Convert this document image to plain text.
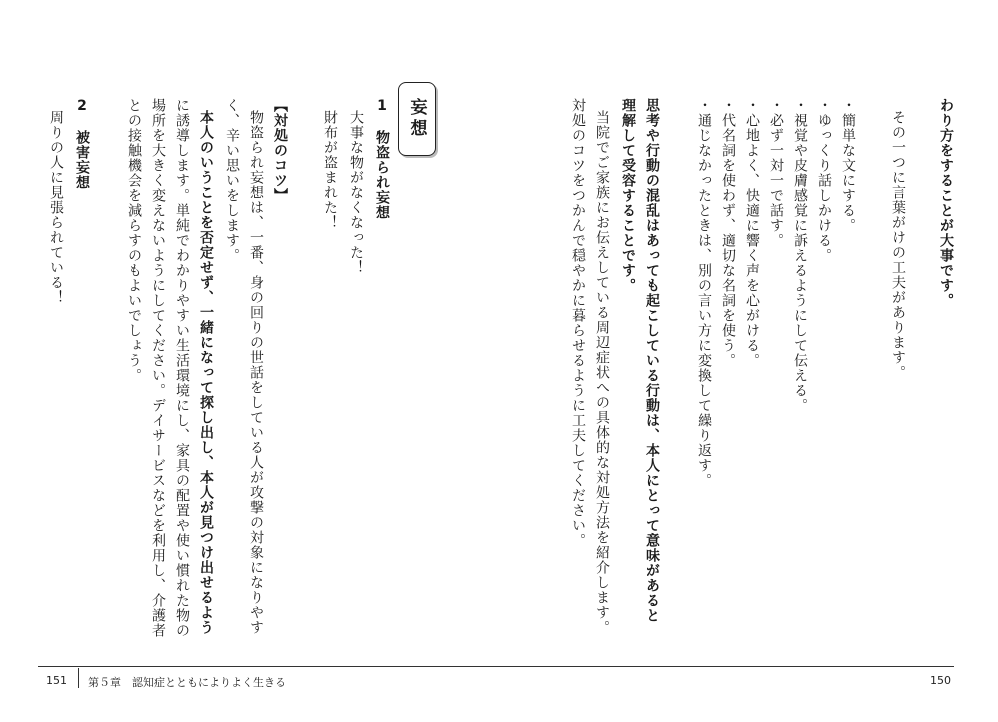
わり方をすることが大事です。

その一つに言葉がけの工夫があります。

・簡単な文にする。

・ゆっくり話しかける。

・視覚や皮膚感覚に訴えるようにして伝える。

・必ず一対一で話す。

・心地よく、快適に響く声を心がける。

・代名詞を使わず、適切な名詞を使う。

・通じなかったときは、別の言い方に変換して繰り返す。

思考や行動の混乱はあっても起こしている行動は、本人にとって意味があると

理解して受容することです。

当院でご家族にお伝えしている周辺症状への具体的な対処方法を紹介します。

対処のコツをつかんで穏やかに暮らせるように工夫してください。

妄想

1　物盗られ妄想

大事な物がなくなった！

財布が盗まれた！

【対処のコツ】

物盗られ妄想は、一番、身の回りの世話をしている人が攻撃の対象になりやす

く、辛い思いをします。

本人のいうことを否定せず、一緒になって探し出し、本人が見つけ出せるよう

に誘導します。単純でわかりやすい生活環境にし、家具の配置や使い慣れた物の

場所を大きく変えないようにしてください。デイサービスなどを利用し、介護者

との接触機会を減らすのもよいでしょう。

2　被害妄想

周りの人に見張られている！

151 第５章　認知症とともによりよく生きる	150
